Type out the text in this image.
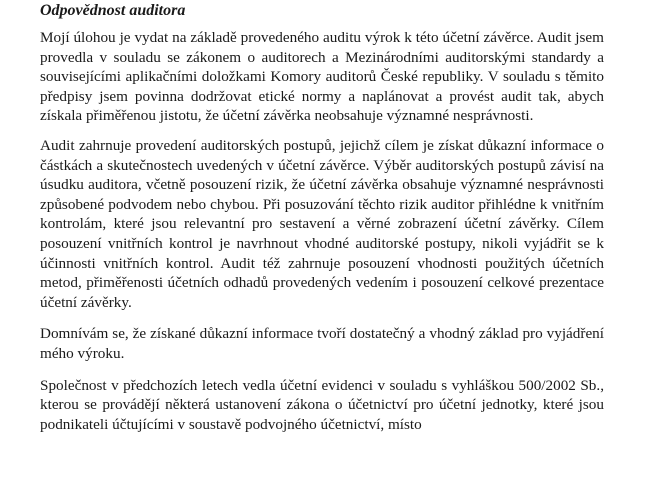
Odpovědnost auditora

Mojí úlohou je vydat na základě provedeného auditu výrok k této účetní závěrce. Audit jsem provedla v souladu se zákonem o auditorech a Mezinárodními auditorskými standardy a souvisejícími aplikačními doložkami Komory auditorů České republiky. V souladu s těmito předpisy jsem povinna dodržovat etické normy a naplánovat a provést audit tak, abych získala přiměřenou jistotu, že účetní závěrka neobsahuje významné nesprávnosti.

Audit zahrnuje provedení auditorských postupů, jejichž cílem je získat důkazní informace o částkách a skutečnostech uvedených v účetní závěrce. Výběr auditorských postupů závisí na úsudku auditora, včetně posouzení rizik, že účetní závěrka obsahuje významné nesprávnosti způsobené podvodem nebo chybou. Při posuzování těchto rizik auditor přihlédne k vnitřním kontrolám, které jsou relevantní pro sestavení a věrné zobrazení účetní závěrky. Cílem posouzení vnitřních kontrol je navrhnout vhodné auditorské postupy, nikoli vyjádřit se k účinnosti vnitřních kontrol. Audit též zahrnuje posouzení vhodnosti použitých účetních metod, přiměřenosti účetních odhadů provedených vedením i posouzení celkové prezentace účetní závěrky.

Domnívám se, že získané důkazní informace tvoří dostatečný a vhodný základ pro vyjádření mého výroku.

Společnost v předchozích letech vedla účetní evidenci v souladu s vyhláškou 500/2002 Sb., kterou se provádějí některá ustanovení zákona o účetnictví pro účetní jednotky, které jsou podnikateli účtujícími v soustavě podvojného účetnictví, místo
